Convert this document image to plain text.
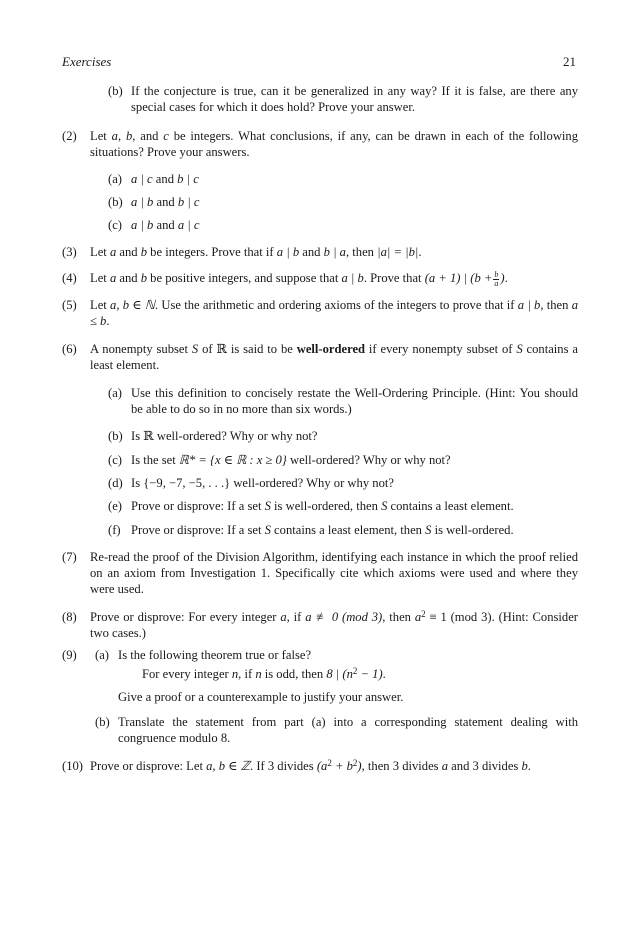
Exercises	21
(b) If the conjecture is true, can it be generalized in any way? If it is false, are there any special cases for which it does hold? Prove your answer.
(2) Let a, b, and c be integers. What conclusions, if any, can be drawn in each of the following situations? Prove your answers.
(a) a | c and b | c
(b) a | b and b | c
(c) a | b and a | c
(3) Let a and b be integers. Prove that if a | b and b | a, then |a| = |b|.
(4) Let a and b be positive integers, and suppose that a | b. Prove that (a + 1) | ($b + \frac{b}{a}$ ).
(5) Let a, b ∈ ℕ. Use the arithmetic and ordering axioms of the integers to prove that if a | b, then a ≤ b.
(6) A nonempty subset S of ℝ is said to be well-ordered if every nonempty subset of S contains a least element.
(a) Use this definition to concisely restate the Well-Ordering Principle. (Hint: You should be able to do so in no more than six words.)
(b) Is ℝ well-ordered? Why or why not?
(c) Is the set ℝ* = {x ∈ ℝ : x ≥ 0} well-ordered? Why or why not?
(d) Is {−9, −7, −5, . . .} well-ordered? Why or why not?
(e) Prove or disprove: If a set S is well-ordered, then S contains a least element.
(f) Prove or disprove: If a set S contains a least element, then S is well-ordered.
(7) Re-read the proof of the Division Algorithm, identifying each instance in which the proof relied on an axiom from Investigation 1. Specifically cite which axioms were used and where they were used.
(8) Prove or disprove: For every integer a, if a ≢ 0 (mod 3), then $a^2 \equiv 1$ (mod 3). (Hint: Consider two cases.)
(9) (a) Is the following theorem true or false?
For every integer n, if n is odd, then 8 | $(n^2 - 1)$.
Give a proof or a counterexample to justify your answer.
(b) Translate the statement from part (a) into a corresponding statement dealing with congruence modulo 8.
(10) Prove or disprove: Let a, b ∈ ℤ. If 3 divides $(a^2 + b^2)$, then 3 divides a and 3 divides b.
